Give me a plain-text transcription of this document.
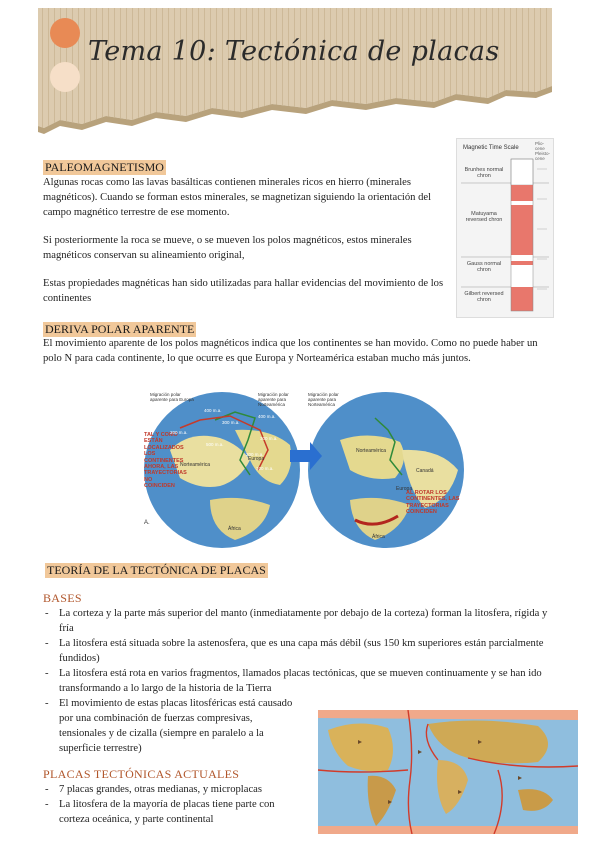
Tema 10: Tectónica de placas
PALEOMAGNETISMO
Algunas rocas como las lavas basálticas contienen minerales ricos en hierro (minerales magnéticos). Cuando se forman estos minerales, se magnetizan siguiendo la orientación del campo magnético terrestre de ese momento.
Si posteriormente la roca se mueve, o se mueven los polos magnéticos, estos minerales magnéticos conservan su alineamiento original,
Estas propiedades magnéticas han sido utilizadas para hallar evidencias del movimiento de los continentes
Magnetic Time Scale
Plio- cene Pleisto- cene
Brunhes normal chron
Matuyama reversed chron
Gauss normal chron
Gilbert reversed chron
DERIVA POLAR APARENTE
El movimiento aparente de los polos magnéticos indica que los continentes se han movido. Como no puede haber un polo N para cada continente, lo que ocurre es que Europa y Norteamérica estaban mucho más juntos.
TAL Y COMO ESTÁN LOCALIZADOS LOS CONTINENTES AHORA, LAS TRAYECTORIAS NO COINCIDEN
AL ROTAR LOS CONTINENTES, LAS TRAYECTORIAS COINCIDEN
Migración polar aparente para Europa
Migración polar aparente para Norteamérica
Migración polar aparente para Norteamérica
400 m.a.
300 m.a.
200 m.a.
200 m.a.
500 m.a.
400 m.a.
300 m.a.
100 m.a.
Norteamérica
Europa
África
Canadá
Norteamérica
Europa
África
A.
TEORÍA DE LA TECTÓNICA DE PLACAS
BASES
- La corteza y la parte más superior del manto (inmediatamente por debajo de la corteza) forman la litosfera, rígida y fría
- La litosfera está situada sobre la astenosfera, que es una capa más débil (sus 150 km superiores están parcialmente fundidos)
- La litosfera está rota en varios fragmentos, llamados placas tectónicas, que se mueven continuamente y se han ido transformando a lo largo de la historia de la Tierra
- El movimiento de estas placas litosféricas está causado por una combinación de fuerzas compresivas, tensionales y de cizalla (siempre en paralelo a la superficie terrestre)
PLACAS TECTÓNICAS ACTUALES
- 7 placas grandes, otras medianas, y microplacas
- La litosfera de la mayoría de placas tiene parte con corteza oceánica, y parte continental
